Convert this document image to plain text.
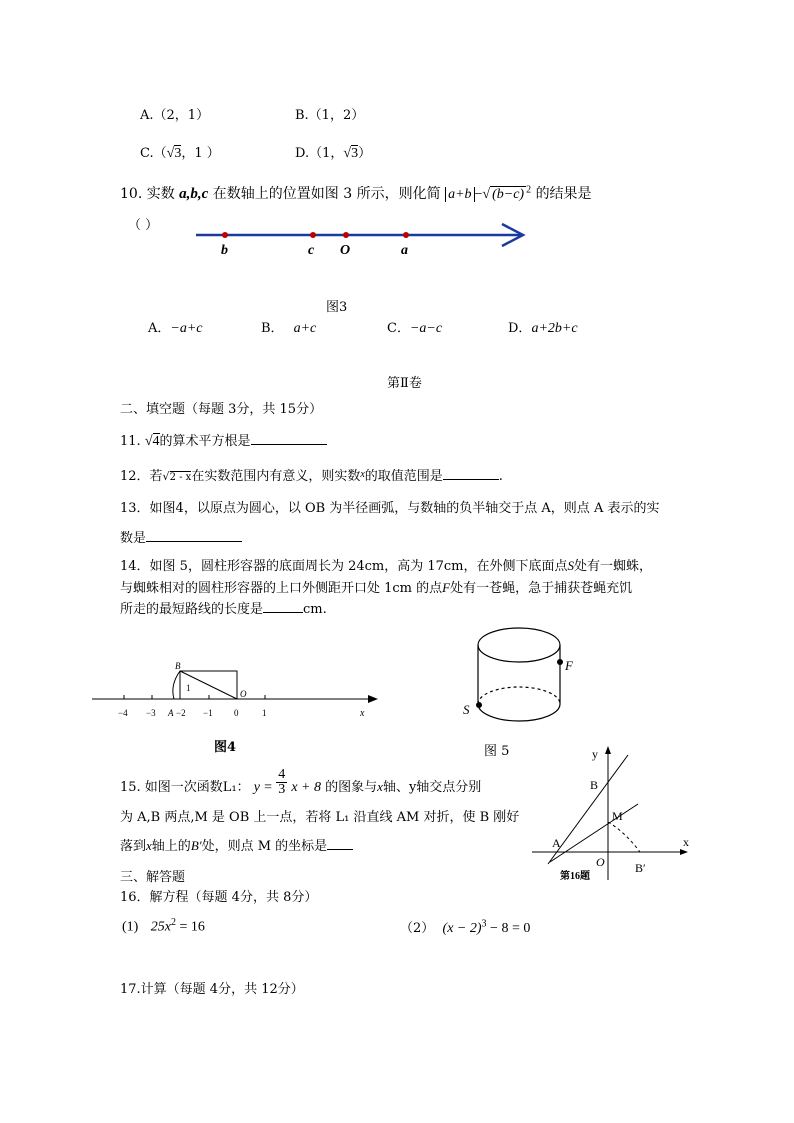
A.（2，1）	B.（1，2）
C.（√3，1 ）	D.（1，√3）
10. 实数 a,b,c 在数轴上的位置如图 3 所示，则化简 a+b −√ (b−c) $^2$ 的结果是
（ ）
b	c O	a
图3
A．−a+c	B． a+c	C．−a−c	D．a+2b+c
第Ⅱ卷
二、填空题（每题 3分，共 15分）
11. √4的算术平方根是
12．若√2 - x在实数范围内有意义，则实数$^x$的取值范围是	.
13．如图4，以原点为圆心，以 OB 为半径画弧，与数轴的负半轴交于点 A，则点 A 表示的实
数是
14．如图 5，圆柱形容器的底面周长为 24cm，高为 17cm，在外侧下底面点S处有一蜘蛛，
与蜘蛛相对的圆柱形容器的上口外侧距开口处 1cm 的点F处有一苍蝇，急于捕获苍蝇充饥
所走的最短路线的长度是	cm.
B
1
O
−4 −3 A −2 −1 0	1	x
图4
F
S
图 5
15. 如图一次函数L₁： $y = \frac{4}{3}$ x + 8 的图象与x轴、y轴交点分别
为 A,B 两点,M 是 OB 上一点，若将 L₁ 沿直线 AM 对折，使 B 刚好
落到x轴上的B′处，则点 M 的坐标是
y
B
M
A
O	B′
x
第16题
三、解答题
16．解方程（每题 4分，共 8分）
(1) $25x^2 = 16$	（2） $(x - 2)^3 - 8 = 0$
17.计算（每题 4分，共 12分）
